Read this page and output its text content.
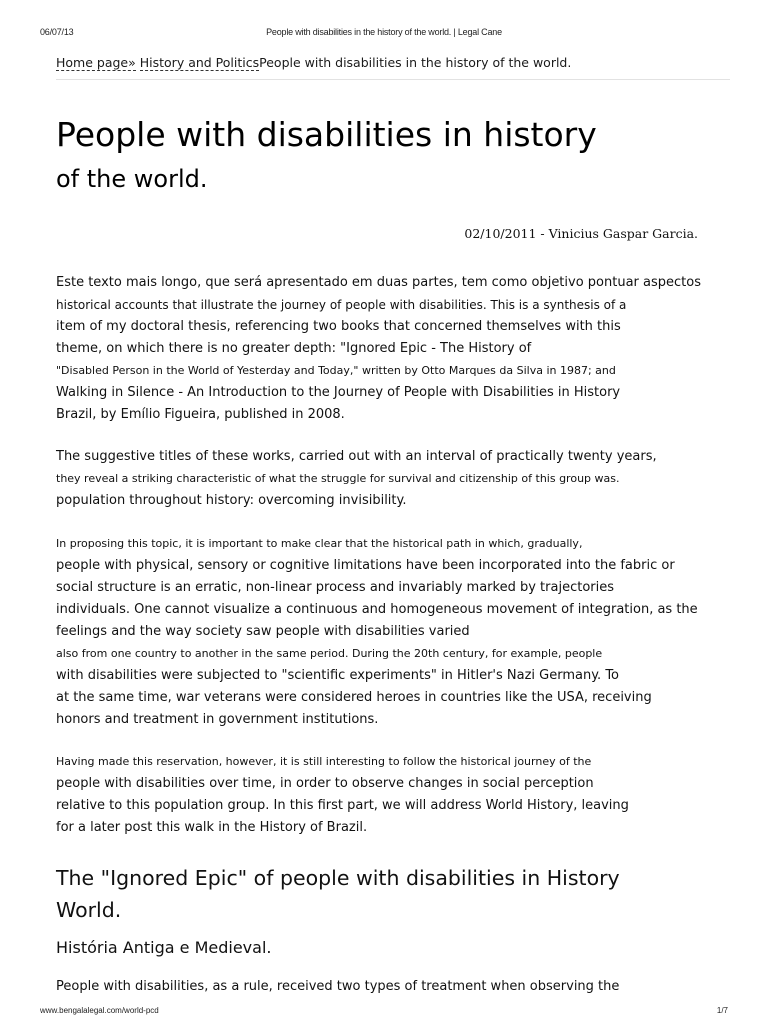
06/07/13	People with disabilities in the history of the world. | Legal Cane
Home page» History and PoliticsPeople with disabilities in the history of the world.
People with disabilities in history
of the world.
02/10/2011 - Vinicius Gaspar Garcia.
Este texto mais longo, que será apresentado em duas partes, tem como objetivo pontuar aspectos
historical accounts that illustrate the journey of people with disabilities. This is a synthesis of a
item of my doctoral thesis, referencing two books that concerned themselves with this
theme, on which there is no greater depth: "Ignored Epic - The History of
"Disabled Person in the World of Yesterday and Today," written by Otto Marques da Silva in 1987; and
Walking in Silence - An Introduction to the Journey of People with Disabilities in History
Brazil, by Emílio Figueira, published in 2008.
The suggestive titles of these works, carried out with an interval of practically twenty years,
they reveal a striking characteristic of what the struggle for survival and citizenship of this group was.
population throughout history: overcoming invisibility.
In proposing this topic, it is important to make clear that the historical path in which, gradually,
people with physical, sensory or cognitive limitations have been incorporated into the fabric or
social structure is an erratic, non-linear process and invariably marked by trajectories
individuals. One cannot visualize a continuous and homogeneous movement of integration, as the
feelings and the way society saw people with disabilities varied
also from one country to another in the same period. During the 20th century, for example, people
with disabilities were subjected to "scientific experiments" in Hitler's Nazi Germany. To
at the same time, war veterans were considered heroes in countries like the USA, receiving
honors and treatment in government institutions.
Having made this reservation, however, it is still interesting to follow the historical journey of the
people with disabilities over time, in order to observe changes in social perception
relative to this population group. In this first part, we will address World History, leaving
for a later post this walk in the History of Brazil.
The "Ignored Epic" of people with disabilities in History
World.
História Antiga e Medieval.
People with disabilities, as a rule, received two types of treatment when observing the
www.bengalalegal.com/world-pcd	1/7
